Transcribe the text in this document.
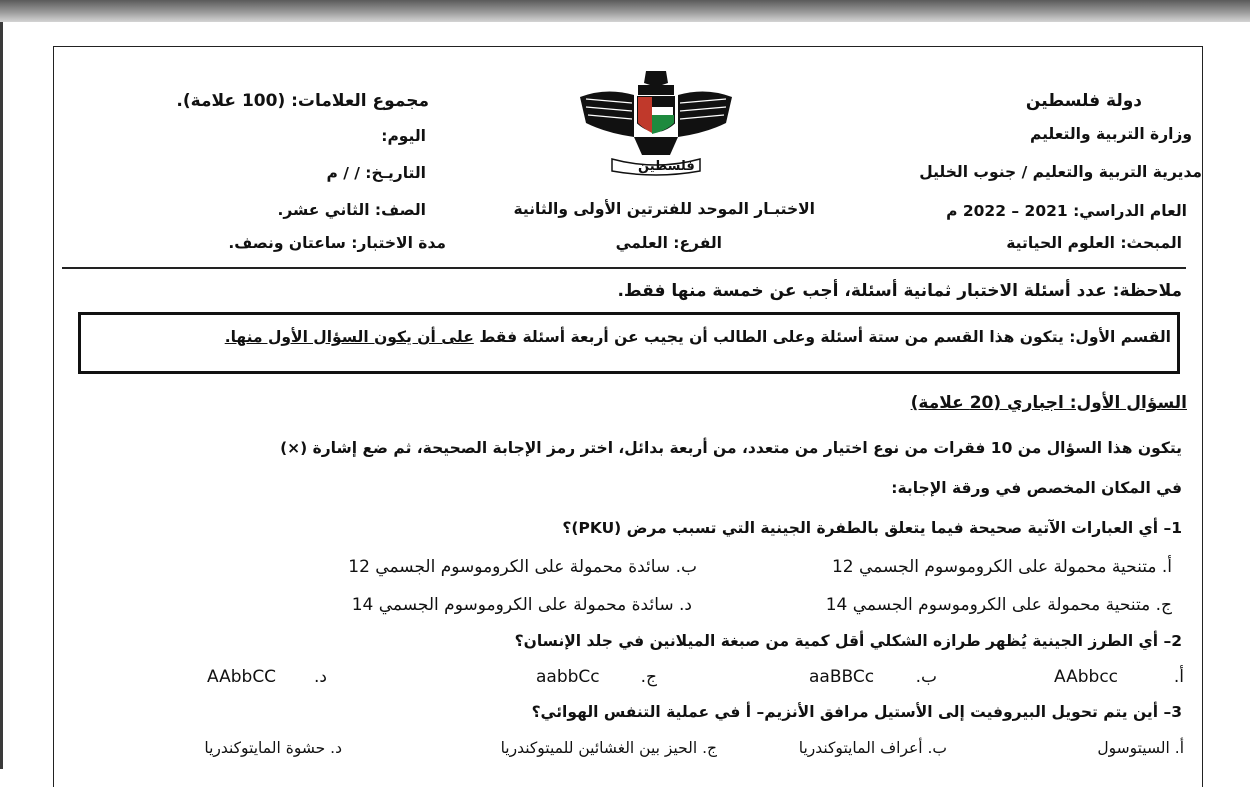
دولة فلسطين
وزارة التربية والتعليم
مديرية التربية والتعليم / جنوب الخليل
العام الدراسي: 2021 – 2022 م
المبحث: العلوم الحياتية
فلسطين
الاختبـار الموحد للفترتين الأولى والثانية
الفرع: العلمي
مجموع العلامات: (100 علامة).
اليوم:
التاريـخ: / / م
الصف: الثاني عشر.
مدة الاختبار: ساعتان ونصف.
ملاحظة: عدد أسئلة الاختبار ثمانية أسئلة، أجب عن خمسة منها فقط.
القسم الأول: يتكون هذا القسم من ستة أسئلة وعلى الطالب أن يجيب عن أربعة أسئلة فقط على أن يكون السؤال الأول منها.
السؤال الأول: اجباري (20 علامة)
يتكون هذا السؤال من 10 فقرات من نوع اختيار من متعدد، من أربعة بدائل، اختر رمز الإجابة الصحيحة، ثم ضع إشارة (×)
في المكان المخصص في ورقة الإجابة:
1– أي العبارات الآتية صحيحة فيما يتعلق بالطفرة الجينية التي تسبب مرض (PKU)؟
أ. متنحية محمولة على الكروموسوم الجسمي 12
ب. سائدة محمولة على الكروموسوم الجسمي 12
ج. متنحية محمولة على الكروموسوم الجسمي 14
د. سائدة محمولة على الكروموسوم الجسمي 14
2– أي الطرز الجينية يُظهر طرازه الشكلي أقل كمية من صبغة الميلانين في جلد الإنسان؟
AAbbcc	أ.
aaBBCc ب.
aabbCc ج.
AAbbCC د.
3– أين يتم تحويل البيروفيت إلى الأستيل مرافق الأنزيم– أ في عملية التنفس الهوائي؟
أ. السيتوسول
ب. أعراف المايتوكندريا
ج. الحيز بين الغشائين للميتوكندريا
د. حشوة المايتوكندريا
